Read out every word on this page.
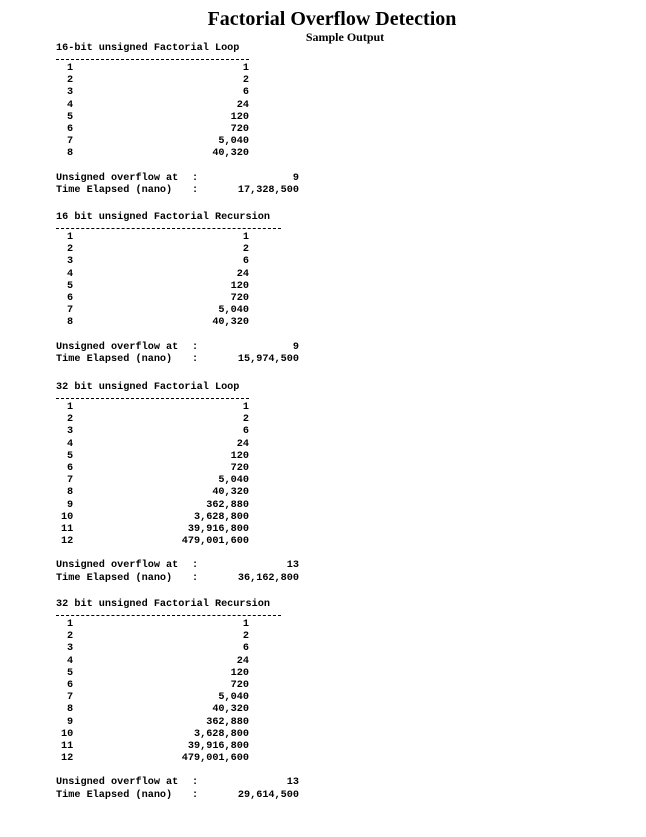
Factorial Overflow Detection
Sample Output
16-bit unsigned Factorial Loop
1	1
2	2
3	6
4	24
5	120
6	720
7	5,040
8	40,320
Unsigned overflow at :	9
Time Elapsed (nano) :	17,328,500
16 bit unsigned Factorial Recursion
1	1
2	2
3	6
4	24
5	120
6	720
7	5,040
8	40,320
Unsigned overflow at :	9
Time Elapsed (nano) :	15,974,500
32 bit unsigned Factorial Loop
1	1
2	2
3	6
4	24
5	120
6	720
7	5,040
8	40,320
9	362,880
10	3,628,800
11	39,916,800
12	479,001,600
Unsigned overflow at :	13
Time Elapsed (nano) :	36,162,800
32 bit unsigned Factorial Recursion
1	1
2	2
3	6
4	24
5	120
6	720
7	5,040
8	40,320
9	362,880
10	3,628,800
11	39,916,800
12	479,001,600
Unsigned overflow at :	13
Time Elapsed (nano) :	29,614,500
